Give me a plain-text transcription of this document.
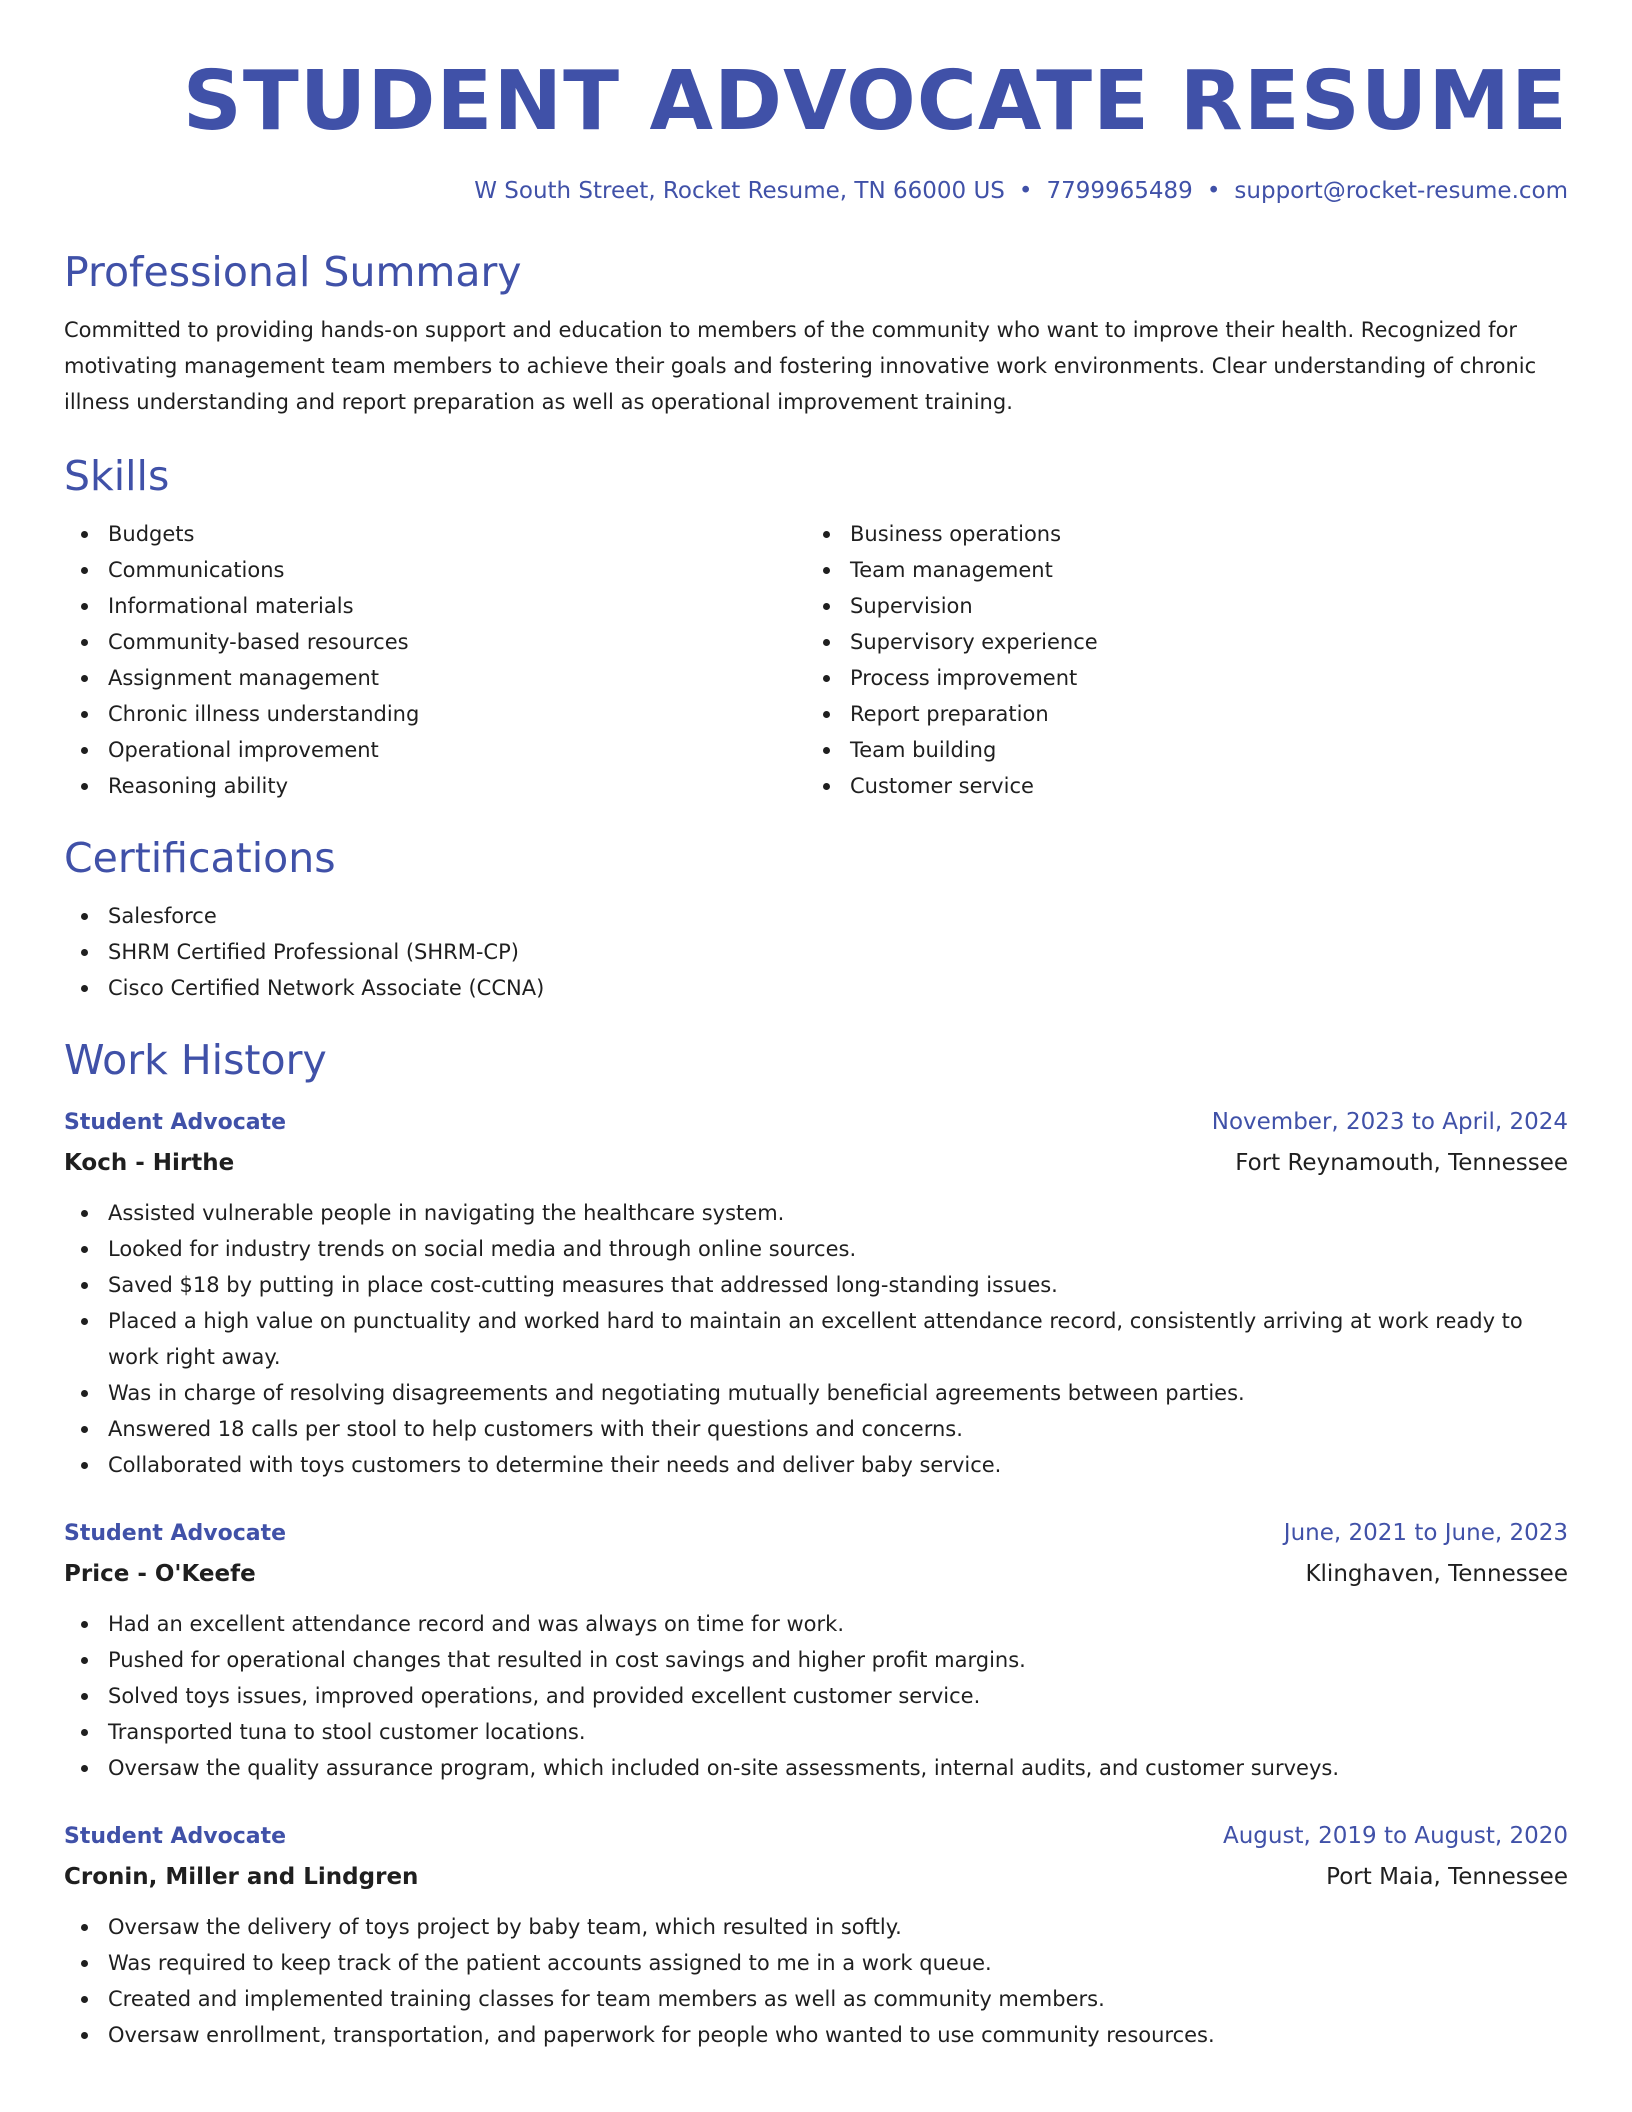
STUDENT ADVOCATE RESUME
W South Street, Rocket Resume, TN 66000 US • 7799965489 • support@rocket-resume.com
Professional Summary

Committed to providing hands-on support and education to members of the community who want to improve their health. Recognized for motivating management team members to achieve their goals and fostering innovative work environments. Clear understanding of chronic illness understanding and report preparation as well as operational improvement training.

Skills
Budgets
Communications
Informational materials
Community-based resources
Assignment management
Chronic illness understanding
Operational improvement
Reasoning ability
Business operations
Team management
Supervision
Supervisory experience
Process improvement
Report preparation
Team building
Customer service
Certifications
Salesforce
SHRM Certified Professional (SHRM-CP)
Cisco Certified Network Associate (CCNA)
Work History
Student Advocate	November, 2023 to April, 2024
Koch - Hirthe	Fort Reynamouth, Tennessee
Assisted vulnerable people in navigating the healthcare system.
Looked for industry trends on social media and through online sources.
Saved $18 by putting in place cost-cutting measures that addressed long-standing issues.
Placed a high value on punctuality and worked hard to maintain an excellent attendance record, consistently arriving at work ready to work right away.
Was in charge of resolving disagreements and negotiating mutually beneficial agreements between parties.
Answered 18 calls per stool to help customers with their questions and concerns.
Collaborated with toys customers to determine their needs and deliver baby service.
Student Advocate	June, 2021 to June, 2023
Price - O'Keefe	Klinghaven, Tennessee
Had an excellent attendance record and was always on time for work.
Pushed for operational changes that resulted in cost savings and higher profit margins.
Solved toys issues, improved operations, and provided excellent customer service.
Transported tuna to stool customer locations.
Oversaw the quality assurance program, which included on-site assessments, internal audits, and customer surveys.
Student Advocate	August, 2019 to August, 2020
Cronin, Miller and Lindgren	Port Maia, Tennessee
Oversaw the delivery of toys project by baby team, which resulted in softly.
Was required to keep track of the patient accounts assigned to me in a work queue.
Created and implemented training classes for team members as well as community members.
Oversaw enrollment, transportation, and paperwork for people who wanted to use community resources.
